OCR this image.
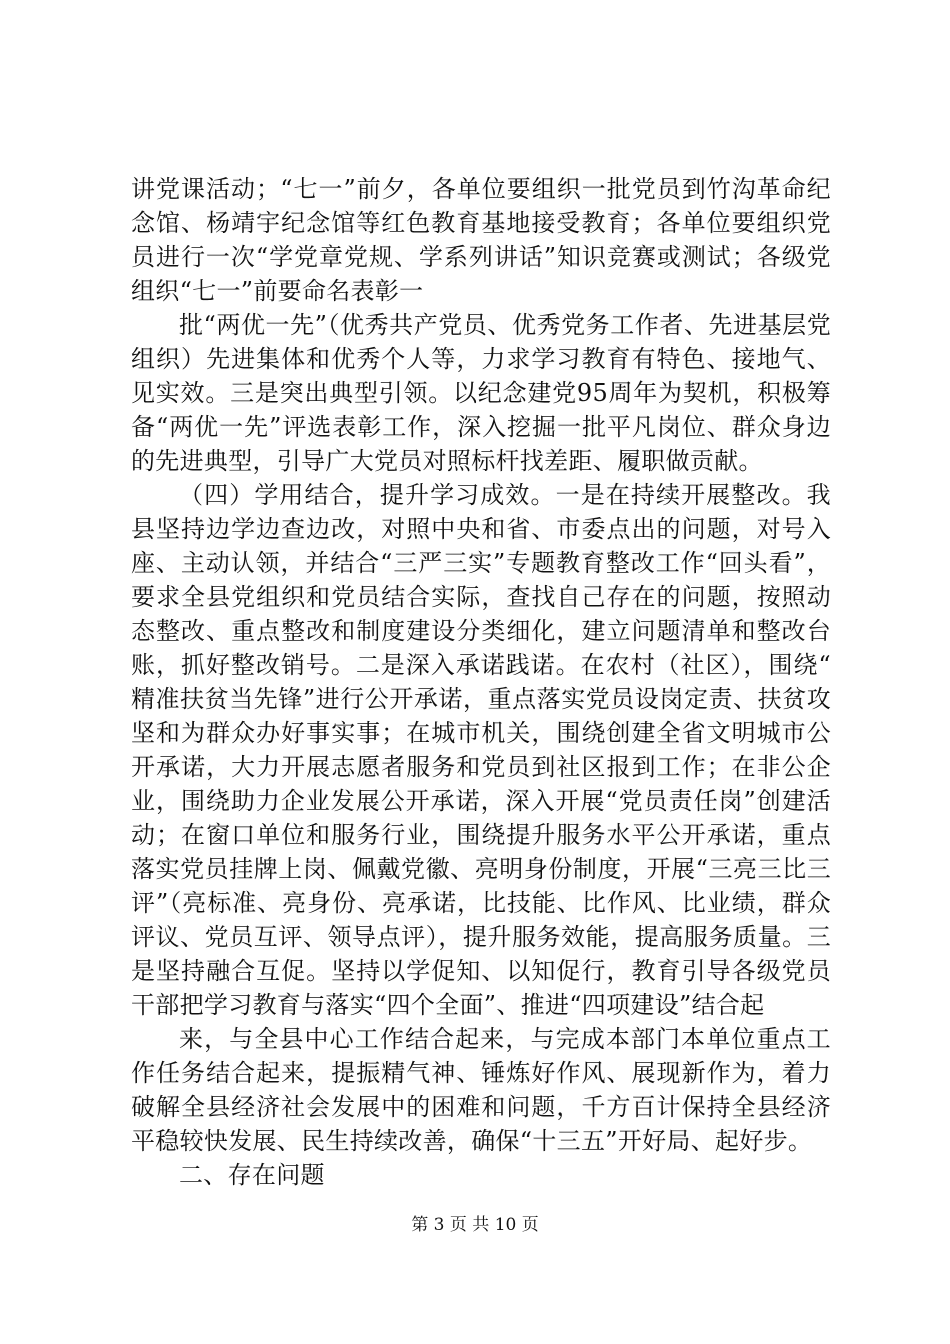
讲党课活动；“七一”前夕，各单位要组织一批党员到竹沟革命纪念馆、杨靖宇纪念馆等红色教育基地接受教育；各单位要组织党员进行一次“学党章党规、学系列讲话”知识竞赛或测试；各级党组织“七一”前要命名表彰一

批“两优一先”（优秀共产党员、优秀党务工作者、先进基层党组织）先进集体和优秀个人等，力求学习教育有特色、接地气、见实效。三是突出典型引领。以纪念建党95周年为契机，积极筹备“两优一先”评选表彰工作，深入挖掘一批平凡岗位、群众身边的先进典型，引导广大党员对照标杆找差距、履职做贡献。

（四）学用结合，提升学习成效。一是在持续开展整改。我县坚持边学边查边改，对照中央和省、市委点出的问题，对号入座、主动认领，并结合“三严三实”专题教育整改工作“回头看”，要求全县党组织和党员结合实际，查找自己存在的问题，按照动态整改、重点整改和制度建设分类细化，建立问题清单和整改台账，抓好整改销号。二是深入承诺践诺。在农村（社区），围绕“精准扶贫当先锋”进行公开承诺，重点落实党员设岗定责、扶贫攻坚和为群众办好事实事；在城市机关，围绕创建全省文明城市公开承诺，大力开展志愿者服务和党员到社区报到工作；在非公企业，围绕助力企业发展公开承诺，深入开展“党员责任岗”创建活动；在窗口单位和服务行业，围绕提升服务水平公开承诺，重点落实党员挂牌上岗、佩戴党徽、亮明身份制度，开展“三亮三比三评”（亮标准、亮身份、亮承诺，比技能、比作风、比业绩，群众评议、党员互评、领导点评），提升服务效能，提高服务质量。三是坚持融合互促。坚持以学促知、以知促行，教育引导各级党员干部把学习教育与落实“四个全面”、推进“四项建设”结合起

来，与全县中心工作结合起来，与完成本部门本单位重点工作任务结合起来，提振精气神、锤炼好作风、展现新作为，着力破解全县经济社会发展中的困难和问题，千方百计保持全县经济平稳较快发展、民生持续改善，确保“十三五”开好局、起好步。

二、存在问题

第 3 页 共 10 页
